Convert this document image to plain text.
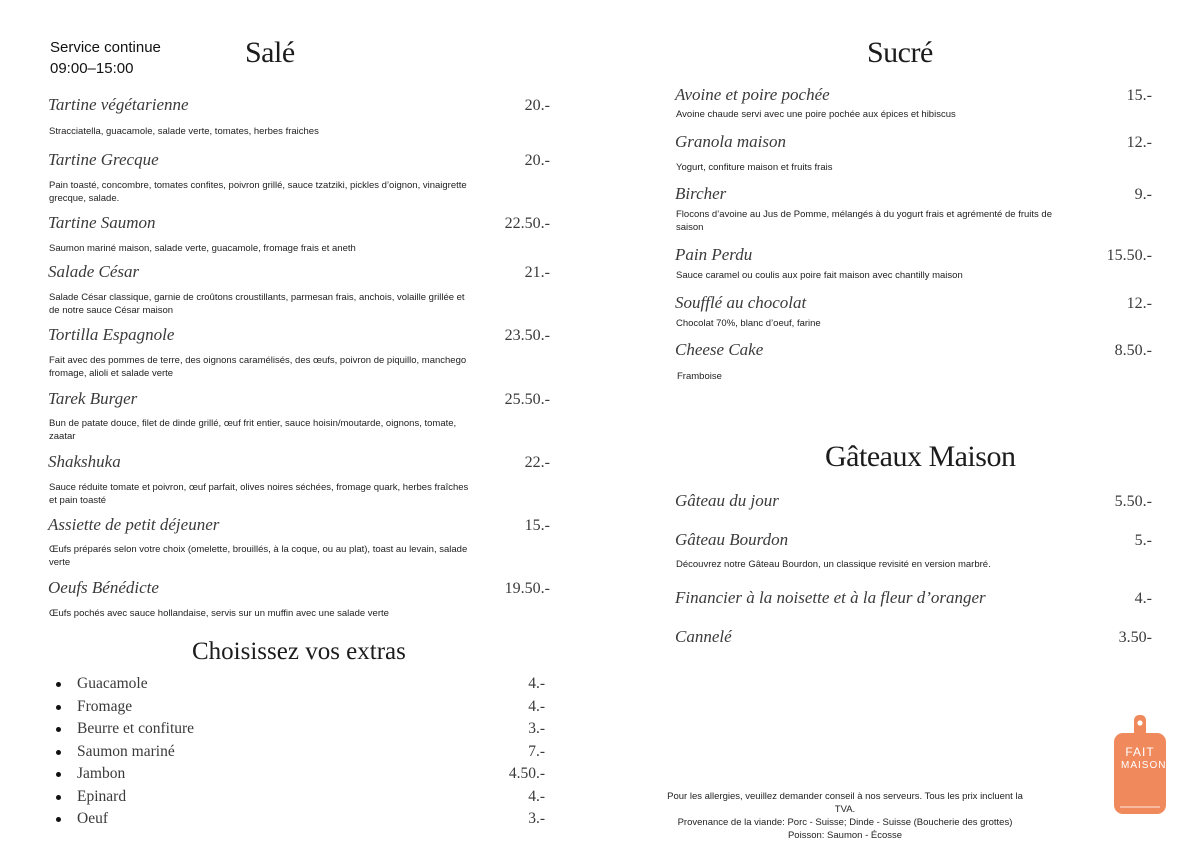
Service continue
09:00–15:00	Salé
Tartine végétarienne	20.-
Stracciatella, guacamole, salade verte, tomates, herbes fraiches
Tartine Grecque	20.-
Pain toasté, concombre, tomates confites, poivron grillé, sauce tzatziki, pickles d’oignon, vinaigrette grecque, salade.
Tartine Saumon	22.50.-
Saumon mariné maison, salade verte, guacamole, fromage frais et aneth
Salade César	21.-
Salade César classique, garnie de croûtons croustillants, parmesan frais, anchois, volaille grillée et de notre sauce César maison
Tortilla Espagnole	23.50.-
Fait avec des pommes de terre, des oignons caramélisés, des œufs, poivron de piquillo, manchego fromage, alioli et salade verte
Tarek Burger	25.50.-
Bun de patate douce, filet de dinde grillé, œuf frit entier, sauce hoisin/moutarde, oignons, tomate, zaatar
Shakshuka	22.-
Sauce réduite tomate et poivron, œuf parfait, olives noires séchées, fromage quark, herbes fraîches et pain toasté
Assiette de petit déjeuner	15.-
Œufs préparés selon votre choix (omelette, brouillés, à la coque, ou au plat), toast au levain, salade verte
Oeufs Bénédicte	19.50.-
Œufs pochés avec sauce hollandaise, servis sur un muffin avec une salade verte
Choisissez vos extras
Guacamole	4.-
Fromage	4.-
Beurre et confiture	3.-
Saumon mariné	7.-
Jambon	4.50.-
Epinard	4.-
Oeuf	3.-
Sucré
Avoine et poire pochée	15.-
Avoine chaude servi avec une poire pochée aux épices et hibiscus
Granola maison	12.-
Yogurt, confiture maison et fruits frais
Bircher	9.-
Flocons d’avoine au Jus de Pomme, mélangés à du yogurt frais et agrémenté de fruits de saison
Pain Perdu	15.50.-
Sauce caramel ou coulis aux poire fait maison avec chantilly maison
Soufflé au chocolat	12.-
Chocolat 70%, blanc d’oeuf, farine
Cheese Cake	8.50.-
Framboise
Gâteaux Maison
Gâteau du jour	5.50.-
Gâteau Bourdon	5.-
Découvrez notre Gâteau Bourdon, un classique revisité en version marbré.
Financier à la noisette et à la fleur d’oranger	4.-
Cannelé	3.50-
Pour les allergies, veuillez demander conseil à nos serveurs. Tous les prix incluent la TVA.
Provenance de la viande: Porc - Suisse; Dinde - Suisse (Boucherie des grottes)
Poisson: Saumon - Écosse
FAIT
MAISON
